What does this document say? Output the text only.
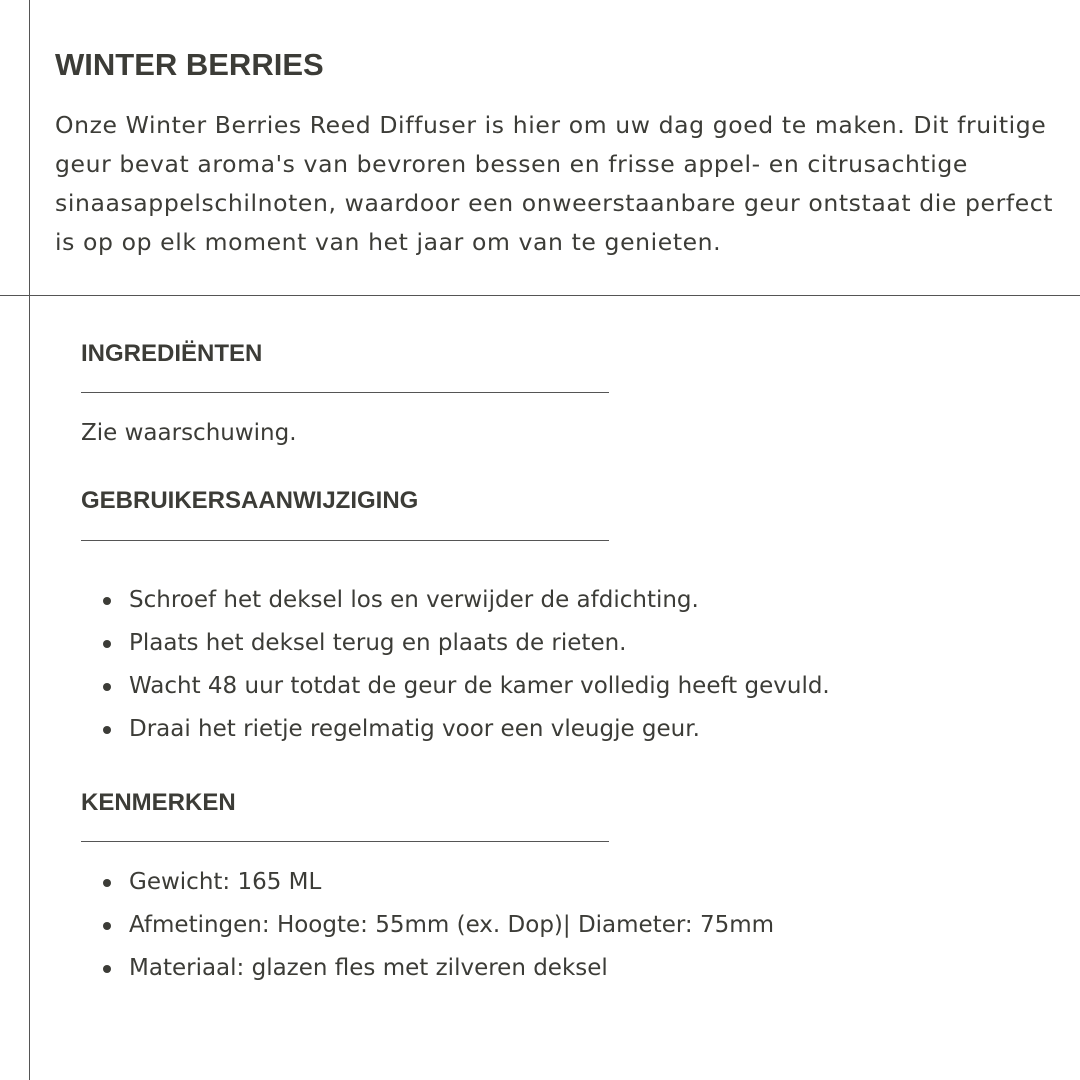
WINTER BERRIES

Onze Winter Berries Reed Diffuser is hier om uw dag goed te maken. Dit fruitige geur bevat aroma's van bevroren bessen en frisse appel- en citrusachtige sinaasappelschilnoten, waardoor een onweerstaanbare geur ontstaat die perfect is op op elk moment van het jaar om van te genieten.

INGREDIËNTEN

Zie waarschuwing.

GEBRUIKERSAANWIJZIGING
Schroef het deksel los en verwijder de afdichting.
Plaats het deksel terug en plaats de rieten.
Wacht 48 uur totdat de geur de kamer volledig heeft gevuld.
Draai het rietje regelmatig voor een vleugje geur.
KENMERKEN
Gewicht: 165 ML
Afmetingen: Hoogte: 55mm (ex. Dop)| Diameter: 75mm
Materiaal: glazen fles met zilveren deksel
